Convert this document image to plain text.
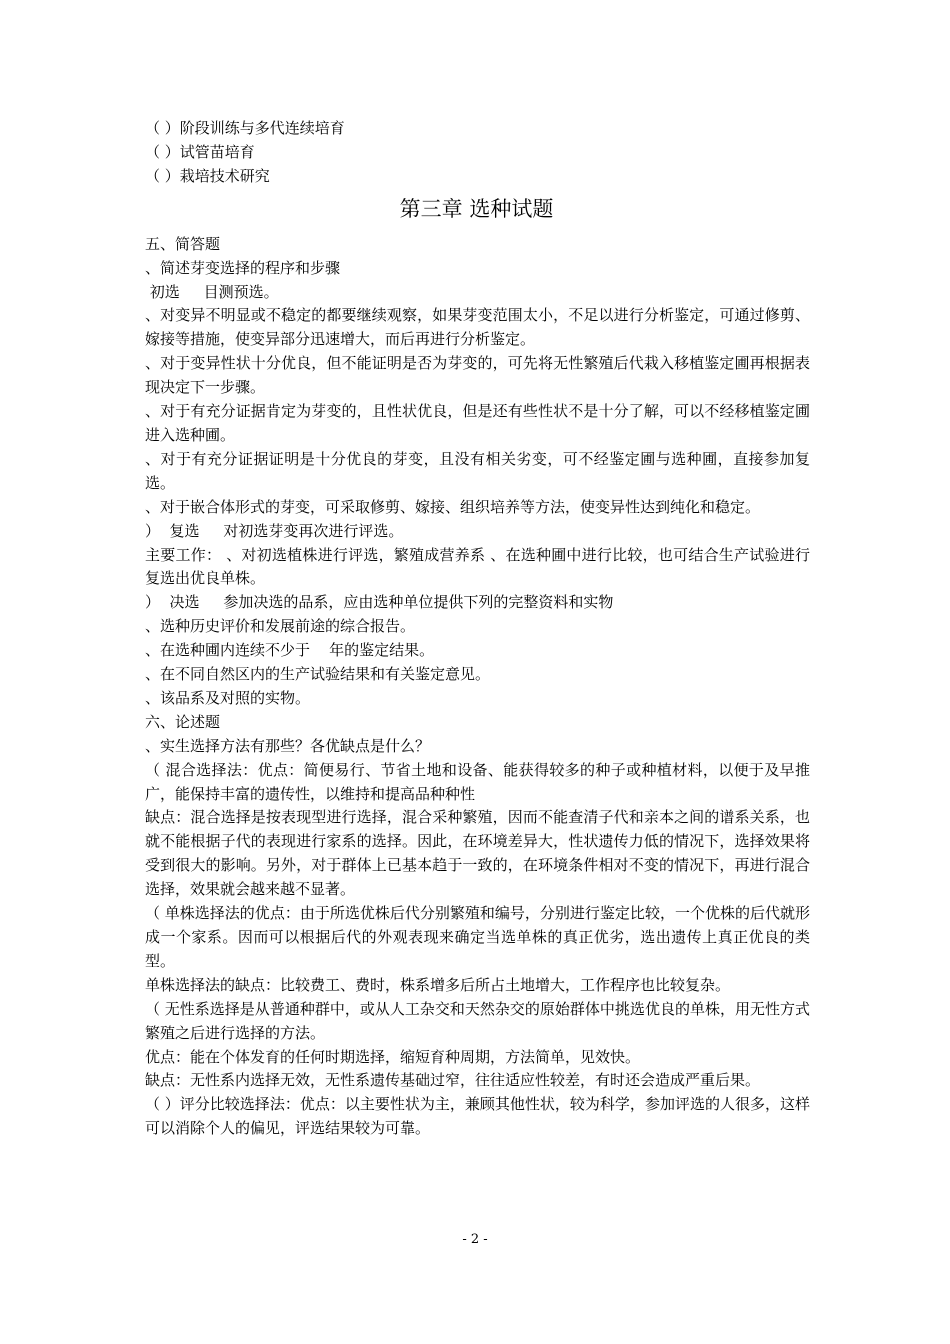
（ ）阶段训练与多代连续培育
（ ）试管苗培育
（ ）栽培技术研究
第三章 选种试题
五、简答题
、简述芽变选择的程序和步骤
初选     目测预选。
、对变异不明显或不稳定的都要继续观察，如果芽变范围太小，不足以进行分析鉴定，可通过修剪、嫁接等措施，使变异部分迅速增大，而后再进行分析鉴定。
、对于变异性状十分优良，但不能证明是否为芽变的，可先将无性繁殖后代栽入移植鉴定圃再根据表现决定下一步骤。
、对于有充分证据肯定为芽变的，且性状优良，但是还有些性状不是十分了解，可以不经移植鉴定圃进入选种圃。
、对于有充分证据证明是十分优良的芽变，且没有相关劣变，可不经鉴定圃与选种圃，直接参加复选。
、对于嵌合体形式的芽变，可采取修剪、嫁接、组织培养等方法，使变异性达到纯化和稳定。
）  复选     对初选芽变再次进行评选。
主要工作： 、对初选植株进行评选，繁殖成营养系 、在选种圃中进行比较，也可结合生产试验进行复选出优良单株。
）  决选     参加决选的品系，应由选种单位提供下列的完整资料和实物
、选种历史评价和发展前途的综合报告。
、在选种圃内连续不少于    年的鉴定结果。
、在不同自然区内的生产试验结果和有关鉴定意见。
、该品系及对照的实物。
六、论述题
、实生选择方法有那些？各优缺点是什么？
（ 混合选择法：优点：简便易行、节省土地和设备、能获得较多的种子或种植材料，以便于及早推广，能保持丰富的遗传性，以维持和提高品种种性
缺点：混合选择是按表现型进行选择，混合采种繁殖，因而不能查清子代和亲本之间的谱系关系，也就不能根据子代的表现进行家系的选择。因此，在环境差异大，性状遗传力低的情况下，选择效果将受到很大的影响。另外，对于群体上已基本趋于一致的，在环境条件相对不变的情况下，再进行混合选择，效果就会越来越不显著。
（ 单株选择法的优点：由于所选优株后代分别繁殖和编号，分别进行鉴定比较，一个优株的后代就形成一个家系。因而可以根据后代的外观表现来确定当选单株的真正优劣，选出遗传上真正优良的类型。
单株选择法的缺点：比较费工、费时，株系增多后所占土地增大，工作程序也比较复杂。
（ 无性系选择是从普通种群中，或从人工杂交和天然杂交的原始群体中挑选优良的单株，用无性方式繁殖之后进行选择的方法。
优点：能在个体发育的任何时期选择，缩短育种周期，方法简单，见效快。
缺点：无性系内选择无效，无性系遗传基础过窄，往往适应性较差，有时还会造成严重后果。
（ ）评分比较选择法：优点：以主要性状为主，兼顾其他性状，较为科学，参加评选的人很多，这样可以消除个人的偏见，评选结果较为可靠。
- 2 -
